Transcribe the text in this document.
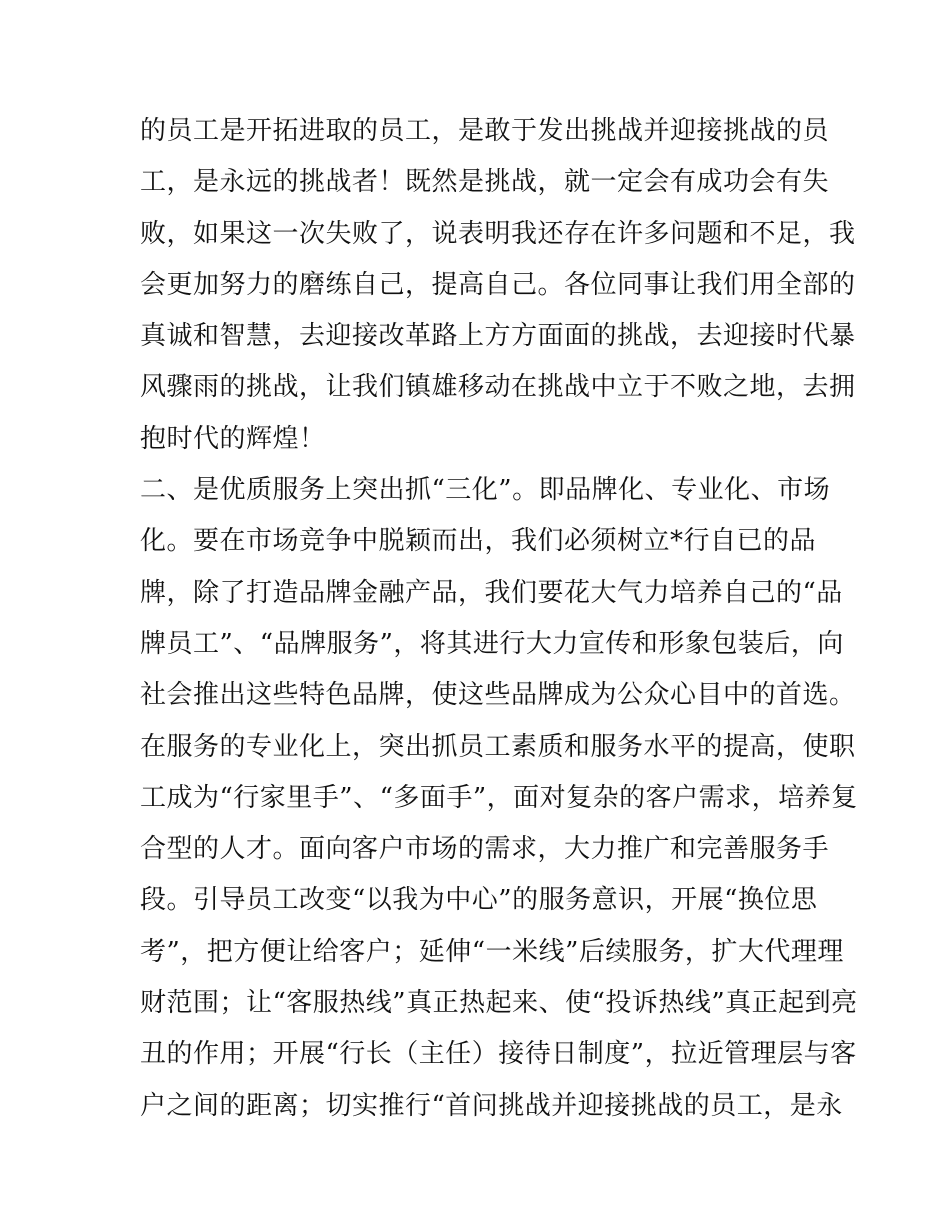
的员工是开拓进取的员工，是敢于发出挑战并迎接挑战的员
工，是永远的挑战者！既然是挑战，就一定会有成功会有失
败，如果这一次失败了，说表明我还存在许多问题和不足，我
会更加努力的磨练自己，提高自己。各位同事让我们用全部的
真诚和智慧，去迎接改革路上方方面面的挑战，去迎接时代暴
风骤雨的挑战，让我们镇雄移动在挑战中立于不败之地，去拥
抱时代的辉煌！
二、是优质服务上突出抓“三化”。即品牌化、专业化、市场
化。要在市场竞争中脱颖而出，我们必须树立*行自已的品
牌，除了打造品牌金融产品，我们要花大气力培养自己的“品
牌员工”、“品牌服务”，将其进行大力宣传和形象包装后，向
社会推出这些特色品牌，使这些品牌成为公众心目中的首选。
在服务的专业化上，突出抓员工素质和服务水平的提高，使职
工成为“行家里手”、“多面手”，面对复杂的客户需求，培养复
合型的人才。面向客户市场的需求，大力推广和完善服务手
段。引导员工改变“以我为中心”的服务意识，开展“换位思
考”，把方便让给客户；延伸“一米线”后续服务，扩大代理理
财范围；让“客服热线”真正热起来、使“投诉热线”真正起到亮
丑的作用；开展“行长（主任）接待日制度”，拉近管理层与客
户之间的距离；切实推行“首问挑战并迎接挑战的员工，是永
